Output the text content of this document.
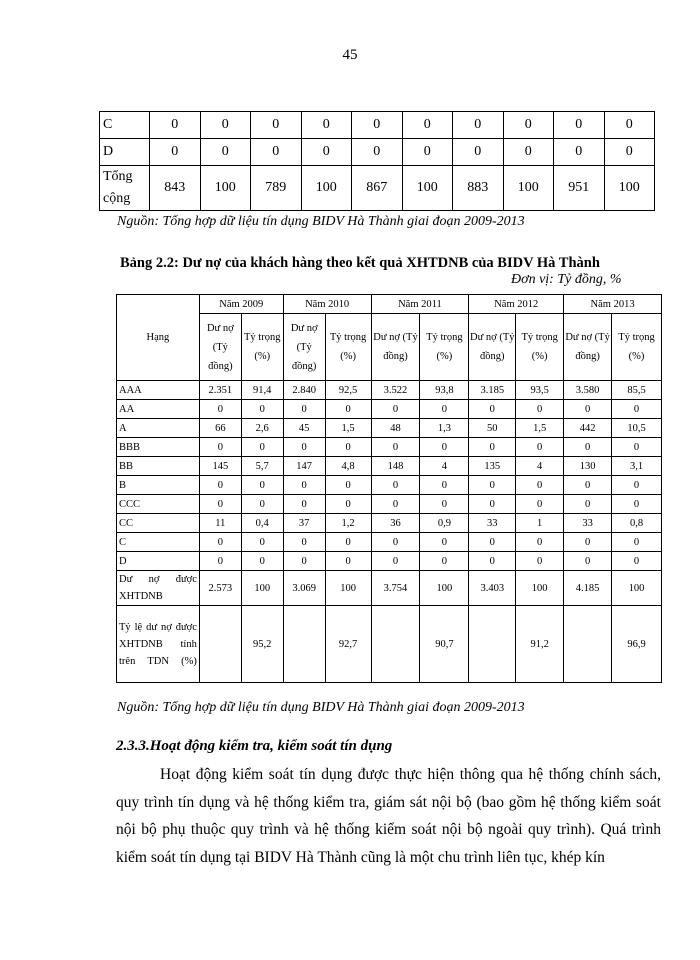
45
C	0	0	0	0	0	0	0	0	0	0
D	0	0	0	0	0	0	0	0	0	0
Tổng cộng	843	100	789	100	867	100	883	100	951	100
Nguồn: Tổng hợp dữ liệu tín dụng BIDV Hà Thành giai đoạn 2009-2013
Bảng 2.2: Dư nợ của khách hàng theo kết quả XHTDNB của BIDV Hà Thành
Đơn vị: Tỷ đồng, %
Hạng	Năm 2009		Năm 2010		Năm 2011		Năm 2012		Năm 2013	
	Dư nợ (Tỷ đồng)	Tỷ trọng (%)	Dư nợ (Tỷ đồng)	Tỷ trọng (%)	Dư nợ (Tỷ đồng)	Tỷ trọng (%)	Dư nợ (Tỷ đồng)	Tỷ trọng (%)	Dư nợ (Tỷ đồng)	Tỷ trọng (%)
AAA	2.351	91,4	2.840	92,5	3.522	93,8	3.185	93,5	3.580	85,5
AA	0	0	0	0	0	0	0	0	0	0
A	66	2,6	45	1,5	48	1,3	50	1,5	442	10,5
BBB	0	0	0	0	0	0	0	0	0	0
BB	145	5,7	147	4,8	148	4	135	4	130	3,1
B	0	0	0	0	0	0	0	0	0	0
CCC	0	0	0	0	0	0	0	0	0	0
CC	11	0,4	37	1,2	36	0,9	33	1	33	0,8
C	0	0	0	0	0	0	0	0	0	0
D	0	0	0	0	0	0	0	0	0	0
Dư nợ được XHTDNB	2.573	100	3.069	100	3.754	100	3.403	100	4.185	100
Tỷ lệ dư nợ được XHTDNB tính trên TDN (%)		95,2		92,7		90,7		91,2		96,9
Nguồn: Tổng hợp dữ liệu tín dụng BIDV Hà Thành giai đoạn 2009-2013
2.3.3.Hoạt động kiểm tra, kiểm soát tín dụng

Hoạt động kiểm soát tín dụng được thực hiện thông qua hệ thống chính sách, quy trình tín dụng và hệ thống kiểm tra, giám sát nội bộ (bao gồm hệ thống kiểm soát nội bộ phụ thuộc quy trình và hệ thống kiểm soát nội bộ ngoài quy trình). Quá trình kiểm soát tín dụng tại BIDV Hà Thành cũng là một chu trình liên tục, khép kín
